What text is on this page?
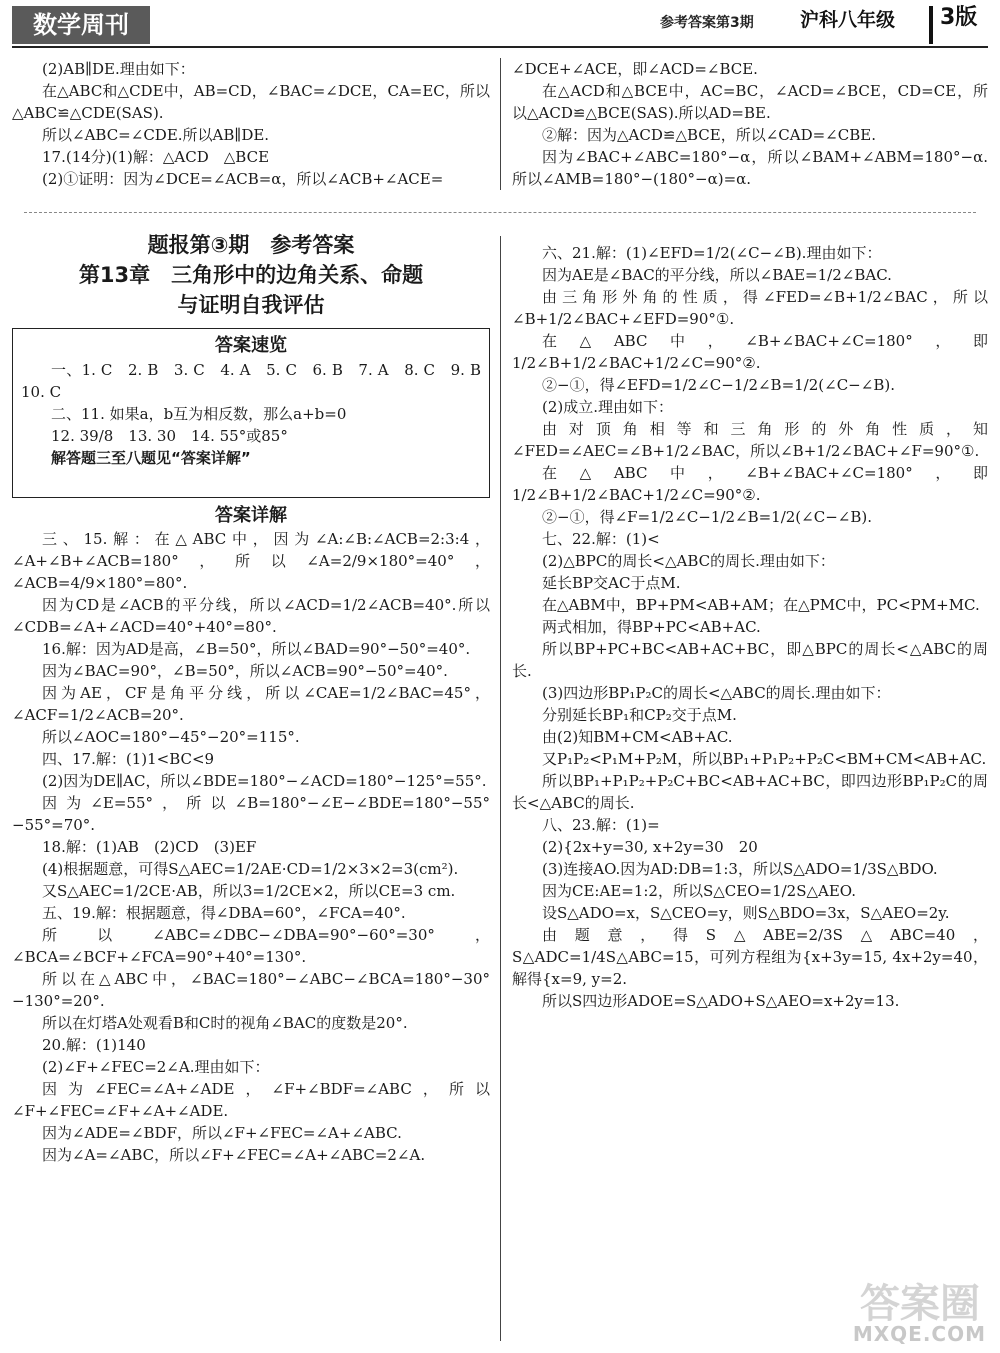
数学周刊	参考答案第3期 沪科八年级 3版

(2)AB∥DE.理由如下：

在△ABC和△CDE中，AB=CD，∠BAC=∠DCE，CA=EC，所以△ABC≌△CDE(SAS).

所以∠ABC=∠CDE.所以AB∥DE.

17.(14分)(1)解：△ACD　△BCE

(2)①证明：因为∠DCE=∠ACB=α，所以∠ACB+∠ACE=

∠DCE+∠ACE，即∠ACD=∠BCE.

在△ACD和△BCE中，AC=BC，∠ACD=∠BCE，CD=CE，所以△ACD≌△BCE(SAS).所以AD=BE.

②解：因为△ACD≌△BCE，所以∠CAD=∠CBE.

因为∠BAC+∠ABC=180°−α，所以∠BAM+∠ABM=180°−α.所以∠AMB=180°−(180°−α)=α.

题报第③期　参考答案
第13章　三角形中的边角关系、命题
与证明自我评估
答案速览

一、1. C　2. B　3. C　4. A　5. C　6. B　7. A　8. C　9. B　10. C

二、11. 如果a，b互为相反数，那么a+b=0

12. 39/8　13. 30　14. 55°或85°

解答题三至八题见“答案详解”
答案详解

三、15.解：在△ABC中，因为∠A:∠B:∠ACB=2:3:4，∠A+∠B+∠ACB=180°，所以∠A=2/9×180°=40°，∠ACB=4/9×180°=80°.

因为CD是∠ACB的平分线，所以∠ACD=1/2∠ACB=40°.所以∠CDB=∠A+∠ACD=40°+40°=80°.

16.解：因为AD是高，∠B=50°，所以∠BAD=90°−50°=40°.

因为∠BAC=90°，∠B=50°，所以∠ACB=90°−50°=40°.

因为AE，CF是角平分线，所以∠CAE=1/2∠BAC=45°，∠ACF=1/2∠ACB=20°.

所以∠AOC=180°−45°−20°=115°.

四、17.解：(1)1<BC<9

(2)因为DE∥AC，所以∠BDE=180°−∠ACD=180°−125°=55°.

因为∠E=55°，所以∠B=180°−∠E−∠BDE=180°−55°−55°=70°.

18.解：(1)AB　(2)CD　(3)EF

(4)根据题意，可得S△AEC=1/2AE·CD=1/2×3×2=3(cm²).

又S△AEC=1/2CE·AB，所以3=1/2CE×2，所以CE=3 cm.

五、19.解：根据题意，得∠DBA=60°，∠FCA=40°.

所以∠ABC=∠DBC−∠DBA=90°−60°=30°，∠BCA=∠BCF+∠FCA=90°+40°=130°.

所以在△ABC中，∠BAC=180°−∠ABC−∠BCA=180°−30°−130°=20°.

所以在灯塔A处观看B和C时的视角∠BAC的度数是20°.

20.解：(1)140

(2)∠F+∠FEC=2∠A.理由如下：

因为∠FEC=∠A+∠ADE，∠F+∠BDF=∠ABC，所以∠F+∠FEC=∠F+∠A+∠ADE.

因为∠ADE=∠BDF，所以∠F+∠FEC=∠A+∠ABC.

因为∠A=∠ABC，所以∠F+∠FEC=∠A+∠ABC=2∠A.

六、21.解：(1)∠EFD=1/2(∠C−∠B).理由如下：

因为AE是∠BAC的平分线，所以∠BAE=1/2∠BAC.

由三角形外角的性质，得∠FED=∠B+1/2∠BAC，所以∠B+1/2∠BAC+∠EFD=90°①.

在△ABC中，∠B+∠BAC+∠C=180°，即1/2∠B+1/2∠BAC+1/2∠C=90°②.

②−①，得∠EFD=1/2∠C−1/2∠B=1/2(∠C−∠B).

(2)成立.理由如下：

由对顶角相等和三角形的外角性质，知∠FED=∠AEC=∠B+1/2∠BAC，所以∠B+1/2∠BAC+∠F=90°①.

在△ABC中，∠B+∠BAC+∠C=180°，即1/2∠B+1/2∠BAC+1/2∠C=90°②.

②−①，得∠F=1/2∠C−1/2∠B=1/2(∠C−∠B).

七、22.解：(1)<

(2)△BPC的周长<△ABC的周长.理由如下：

延长BP交AC于点M.

在△ABM中，BP+PM<AB+AM；在△PMC中，PC<PM+MC.

两式相加，得BP+PC<AB+AC.

所以BP+PC+BC<AB+AC+BC，即△BPC的周长<△ABC的周长.

(3)四边形BP₁P₂C的周长<△ABC的周长.理由如下：

分别延长BP₁和CP₂交于点M.

由(2)知BM+CM<AB+AC.

又P₁P₂<P₁M+P₂M，所以BP₁+P₁P₂+P₂C<BM+CM<AB+AC.

所以BP₁+P₁P₂+P₂C+BC<AB+AC+BC，即四边形BP₁P₂C的周长<△ABC的周长.

八、23.解：(1)=

(2){2x+y=30, x+2y=30　20

(3)连接AO.因为AD:DB=1:3，所以S△ADO=1/3S△BDO.

因为CE:AE=1:2，所以S△CEO=1/2S△AEO.

设S△ADO=x，S△CEO=y，则S△BDO=3x，S△AEO=2y.

由题意，得S△ABE=2/3S△ABC=40，S△ADC=1/4S△ABC=15，可列方程组为{x+3y=15, 4x+2y=40，解得{x=9, y=2.

所以S四边形ADOE=S△ADO+S△AEO=x+2y=13.

答案圈
MXQE.COM
